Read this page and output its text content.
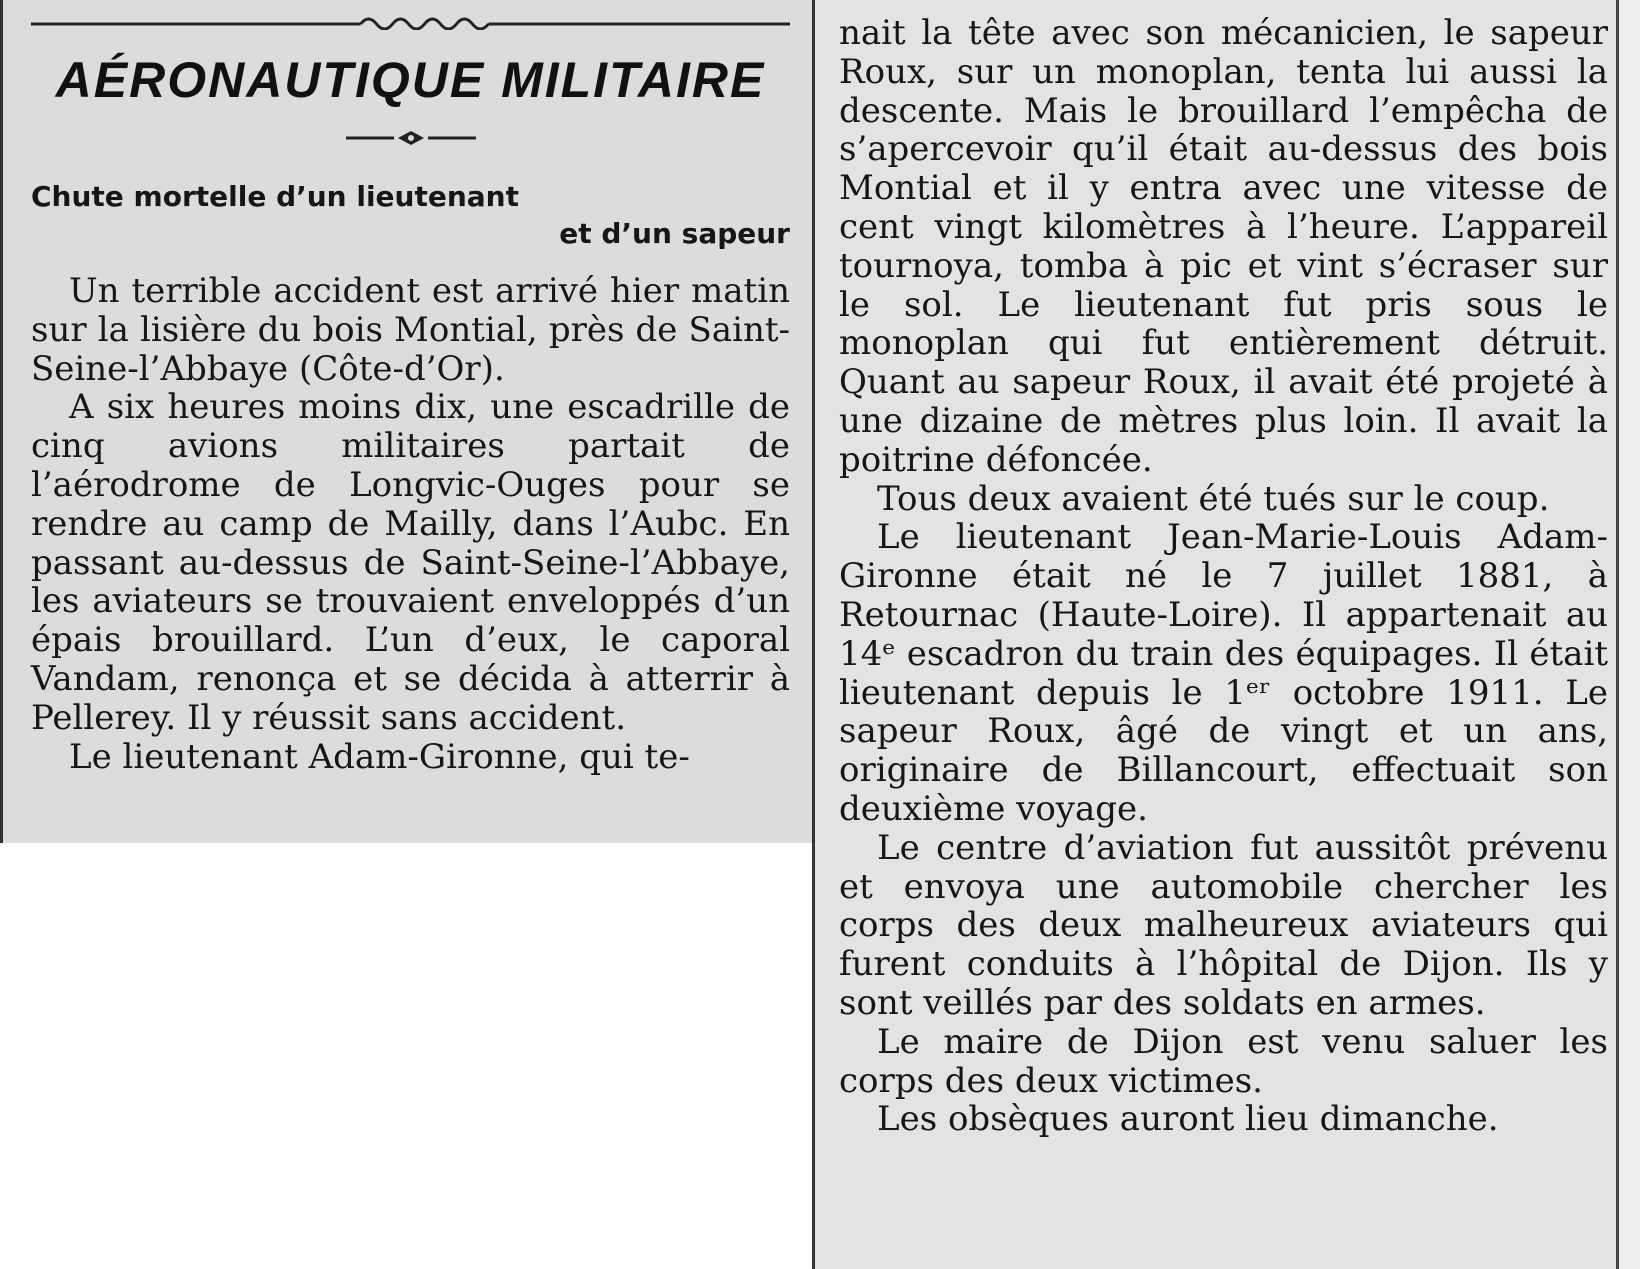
AÉRONAUTIQUE MILITAIRE
Chute mortelle d’un lieutenant
et d’un sapeur

Un terrible accident est arrivé hier matin sur la lisière du bois Montial, près de Saint-Seine-l’Abbaye (Côte-d’Or).

A six heures moins dix, une escadrille de cinq avions militaires partait de l’aérodrome de Longvic-Ouges pour se rendre au camp de Mailly, dans l’Aubc. En passant au-dessus de Saint-Seine-l’Abbaye, les aviateurs se trouvaient enveloppés d’un épais brouillard. L’un d’eux, le caporal Vandam, renonça et se décida à atterrir à Pellerey. Il y réussit sans accident.

Le lieutenant Adam-Gironne, qui te-

nait la tête avec son mécanicien, le sapeur Roux, sur un monoplan, tenta lui aussi la descente. Mais le brouillard l’empêcha de s’apercevoir qu’il était au-dessus des bois Montial et il y entra avec une vitesse de cent vingt kilomètres à l’heure. L’appareil tournoya, tomba à pic et vint s’écraser sur le sol. Le lieutenant fut pris sous le monoplan qui fut entièrement détruit. Quant au sapeur Roux, il avait été projeté à une dizaine de mètres plus loin. Il avait la poitrine défoncée.

Tous deux avaient été tués sur le coup.

Le lieutenant Jean-Marie-Louis Adam-Gironne était né le 7 juillet 1881, à Retournac (Haute-Loire). Il appartenait au 14ᵉ escadron du train des équipages. Il était lieutenant depuis le 1ᵉʳ octobre 1911. Le sapeur Roux, âgé de vingt et un ans, originaire de Billancourt, effectuait son deuxième voyage.

Le centre d’aviation fut aussitôt prévenu et envoya une automobile chercher les corps des deux malheureux aviateurs qui furent conduits à l’hôpital de Dijon. Ils y sont veillés par des soldats en armes.

Le maire de Dijon est venu saluer les corps des deux victimes.

Les obsèques auront lieu dimanche.
